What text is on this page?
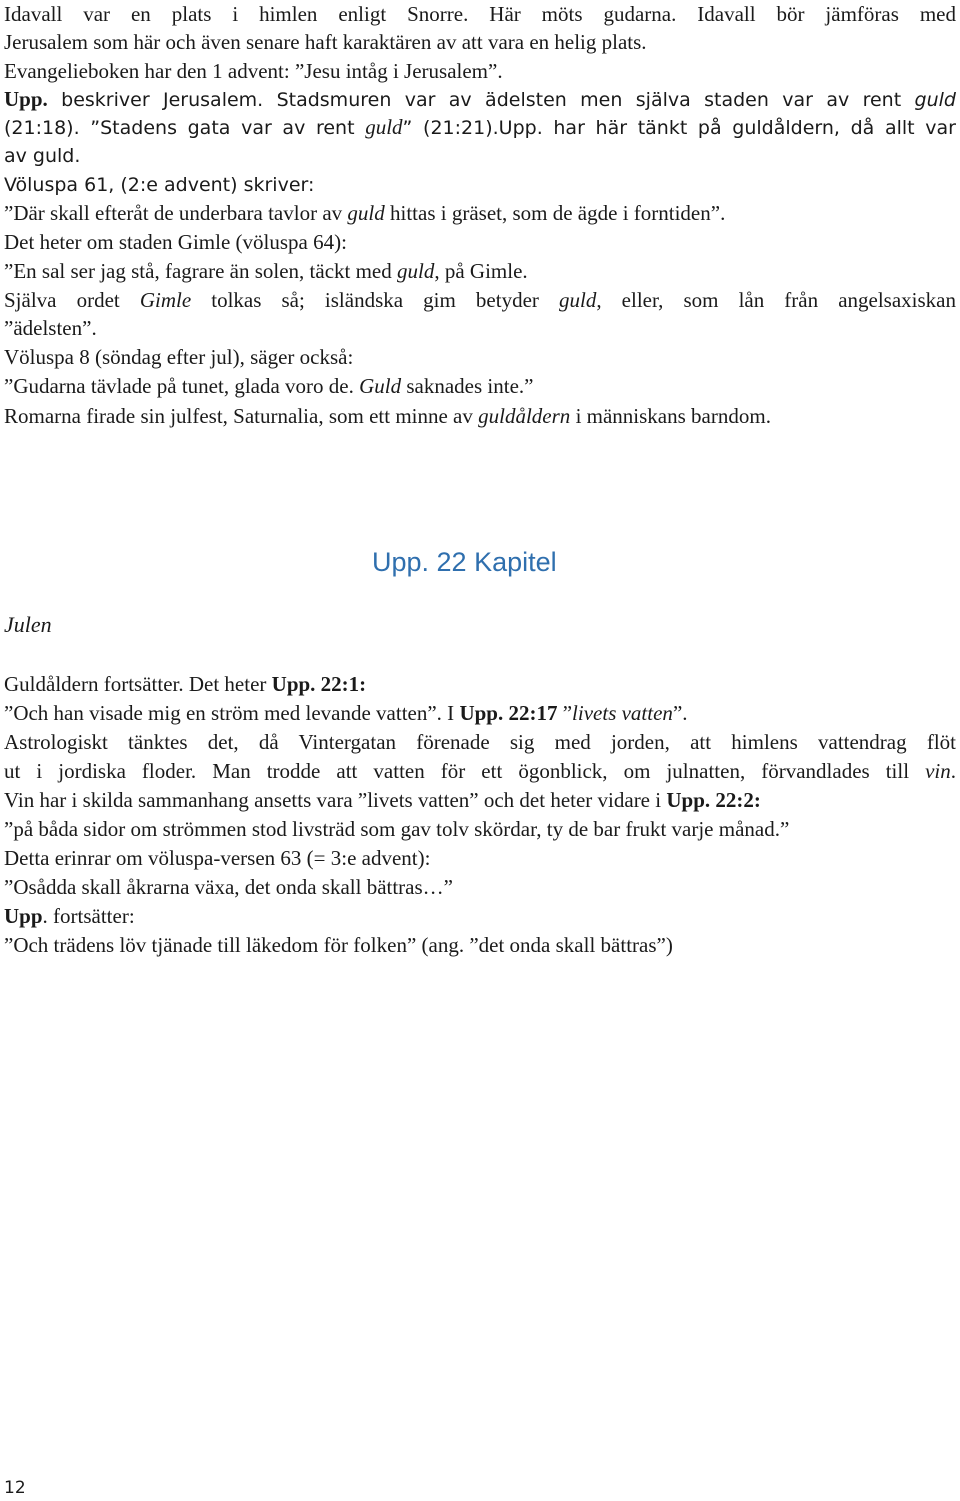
Idavall var en plats i himlen enligt Snorre. Här möts gudarna. Idavall bör jämföras med

Jerusalem som här och även senare haft karaktären av att vara en helig plats.

Evangelieboken har den 1 advent: ”Jesu intåg i Jerusalem”.

Upp. beskriver Jerusalem. Stadsmuren var av ädelsten men själva staden var av rent guld

(21:18). ”Stadens gata var av rent guld” (21:21).Upp. har här tänkt på guldåldern, då allt var

av guld.

Völuspa 61, (2:e advent) skriver:

”Där skall efteråt de underbara tavlor av guld hittas i gräset, som de ägde i forntiden”.

Det heter om staden Gimle (völuspa 64):

”En sal ser jag stå, fagrare än solen, täckt med guld, på Gimle.

Själva ordet Gimle tolkas så; isländska gim betyder guld, eller, som lån från angelsaxiskan

”ädelsten”.

Völuspa 8 (söndag efter jul), säger också:

”Gudarna tävlade på tunet, glada voro de. Guld saknades inte.”

Romarna firade sin julfest, Saturnalia, som ett minne av guldåldern i människans barndom.

Upp. 22 Kapitel

Julen

Guldåldern fortsätter. Det heter Upp. 22:1:

”Och han visade mig en ström med levande vatten”. I Upp. 22:17 ”livets vatten”.

Astrologiskt tänktes det, då Vintergatan förenade sig med jorden, att himlens vattendrag flöt

ut i jordiska floder. Man trodde att vatten för ett ögonblick, om julnatten, förvandlades till vin.

Vin har i skilda sammanhang ansetts vara ”livets vatten” och det heter vidare i Upp. 22:2:

”på båda sidor om strömmen stod livsträd som gav tolv skördar, ty de bar frukt varje månad.”

Detta erinrar om völuspa-versen 63 (= 3:e advent):

”Osådda skall åkrarna växa, det onda skall bättras…”

Upp. fortsätter:

”Och trädens löv tjänade till läkedom för folken” (ang. ”det onda skall bättras”)

12
